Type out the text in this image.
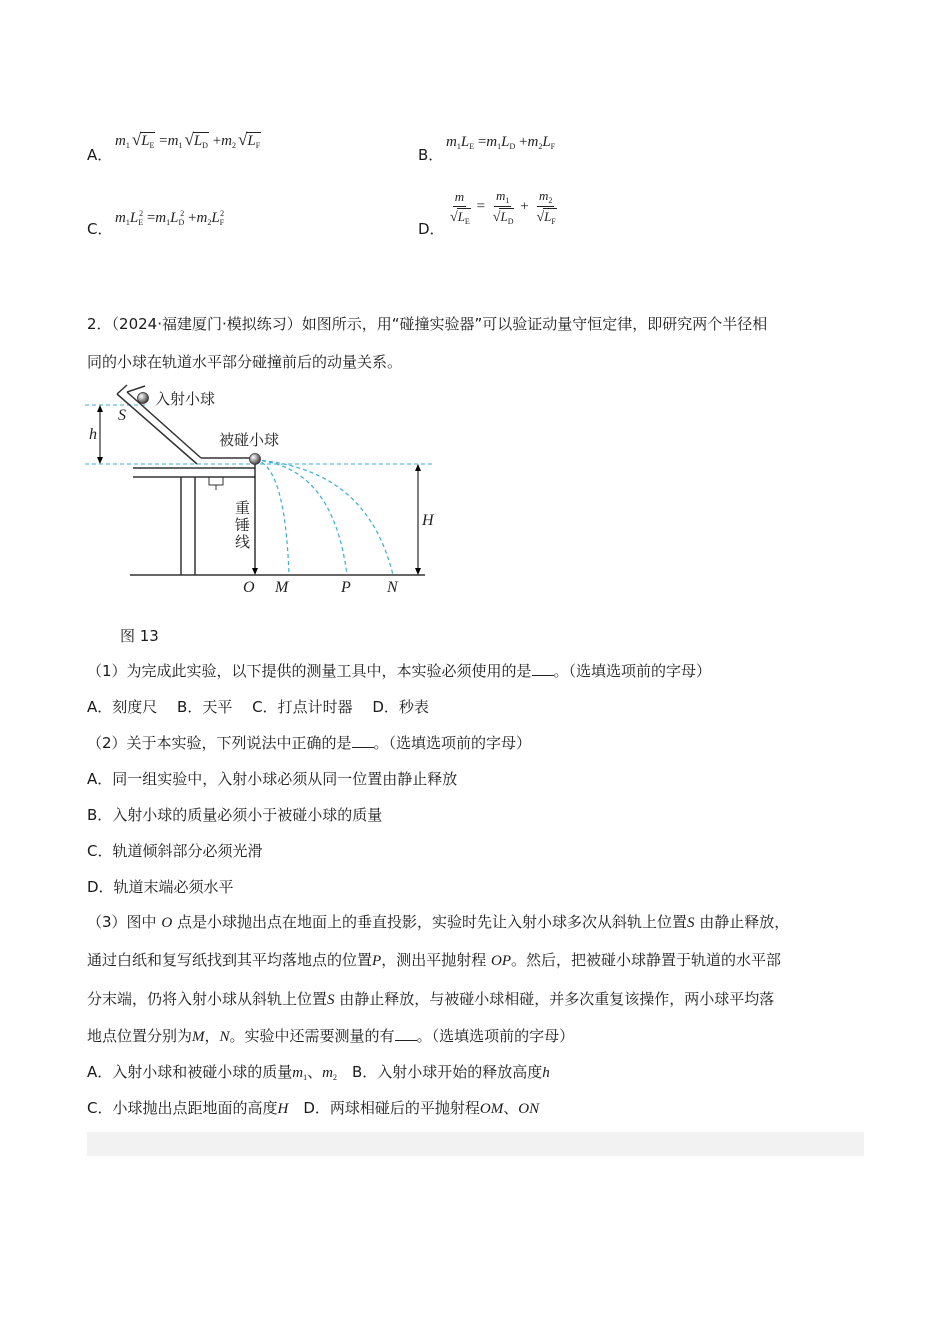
A．
$m_1$ $√L_E =m_1$ $√L_D +m_2$ $√L_F$
B．
$m_1L_E =m_1L_D +m_2L_F$
C．
$m_1L_E^2 =m_1L_D^2 +m_2L_F^2$
D．
$\frac{m}{√L_E} = \frac{m_1}{√L_D} + \frac{m_2}{√L_F}$
2．（2024·福建厦门·模拟练习）如图所示，用“碰撞实验器”可以验证动量守恒定律，即研究两个半径相
同的小球在轨道水平部分碰撞前后的动量关系。
入射小球
被碰小球
S
h
H
重
锤
线
O M	P N
图 13
（1）为完成此实验，以下提供的测量工具中，本实验必须使用的是 。（选填选项前的字母）
A．刻度尺　 B．天平　 C．打点计时器　 D．秒表
（2）关于本实验，下列说法中正确的是 。（选填选项前的字母）
A．同一组实验中，入射小球必须从同一位置由静止释放
B．入射小球的质量必须小于被碰小球的质量
C．轨道倾斜部分必须光滑
D．轨道末端必须水平
（3）图中 O 点是小球抛出点在地面上的垂直投影，实验时先让入射小球多次从斜轨上位置S 由静止释放，
通过白纸和复写纸找到其平均落地点的位置P，测出平抛射程 OP。然后，把被碰小球静置于轨道的水平部
分末端，仍将入射小球从斜轨上位置S 由静止释放，与被碰小球相碰，并多次重复该操作，两小球平均落
地点位置分别为M，N。实验中还需要测量的有 。（选填选项前的字母）
A．入射小球和被碰小球的质量$m_1$、$m_2$　B．入射小球开始的释放高度h
C．小球抛出点距地面的高度H　D．两球相碰后的平抛射程OM、ON
